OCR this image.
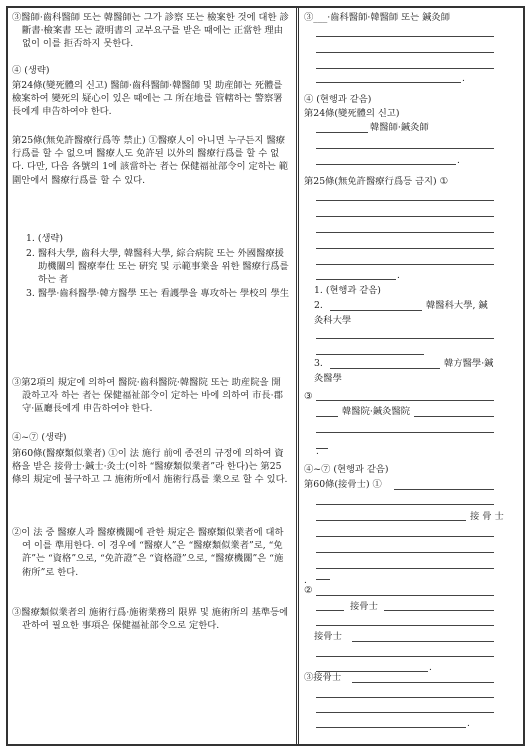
③醫師·齒科醫師 또는 韓醫師는 그가 診察 또는 檢案한 것에 대한 診斷書·檢案書 또는 證明書의 교부요구를 받은 때에는 正當한 理由없이 이를 拒否하지 못한다.
④ (생략)
第24條(變死體의 신고) 醫師·齒科醫師·韓醫師 및 助産師는 死體를 檢案하여 變死의 疑心이 있은 때에는 그 所在地를 管轄하는 警察署長에게 申告하여야 한다.
第25條(無免許醫療行爲等 禁止) ①醫療人이 아니면 누구든지 醫療行爲를 할 수 없으며 醫療人도 免許된 以外의 醫療行爲를 할 수 없다. 다만, 다음 各號의 1에 該當하는 者는 保健福祉部令이 定하는 範圍안에서 醫療行爲를 할 수 있다.
1. (생략)
2. 醫科大學, 齒科大學, 韓醫科大學, 綜合病院 또는 外國醫療援助機關의 醫療奉仕 또는 硏究 및 示範事業을 위한 醫療行爲를 하는 者
3. 醫學·齒科醫學·韓方醫學 또는 看護學을 專攻하는 學校의 學生
③第2項의 規定에 의하여 醫院·齒科醫院·韓醫院 또는 助産院을 開設하고자 하는 者는 保健福祉部令이 定하는 바에 의하여 市長·郡守·區廳長에게 申告하여야 한다.
④~⑦ (생략)
第60條(醫療類似業者) ①이 法 施行 前에 종전의 규정에 의하여 資格을 받은 接骨士·鍼士·灸士(이하 “醫療類似業者”라 한다)는 第25條의 規定에 불구하고 그 施術所에서 施術行爲를 業으로 할 수 있다.
②이 法 중 醫療人과 醫療機關에 관한 規定은 醫療類似業者에 대하여 이를 準用한다. 이 경우에 “醫療人”은 “醫療類似業者”로, “免許”는 “資格”으로, “免許證”은 “資格證”으로, “醫療機關”은 “施術所”로 한다.
③醫療類似業者의 施術行爲·施術業務의 限界 및 施術所의 基準등에 관하여 필요한 事項은 保健福祉部令으로 定한다.
③___·齒科醫師·韓醫師 또는 鍼灸師
.
④ (현행과 같음)
第24條(變死體의 신고)
韓醫師·鍼灸師
.
第25條(無免許醫療行爲등 금지) ①
.
1. (현행과 같음)
2.	韓醫科大學, 鍼
灸科大學
3.	韓方醫學·鍼
灸醫學
③
韓醫院·鍼灸醫院
.
④~⑦ (현행과 같음)
第60條(接骨士) ①
接 骨 士
.
②
接骨士
接骨士
.
③接骨士
.
